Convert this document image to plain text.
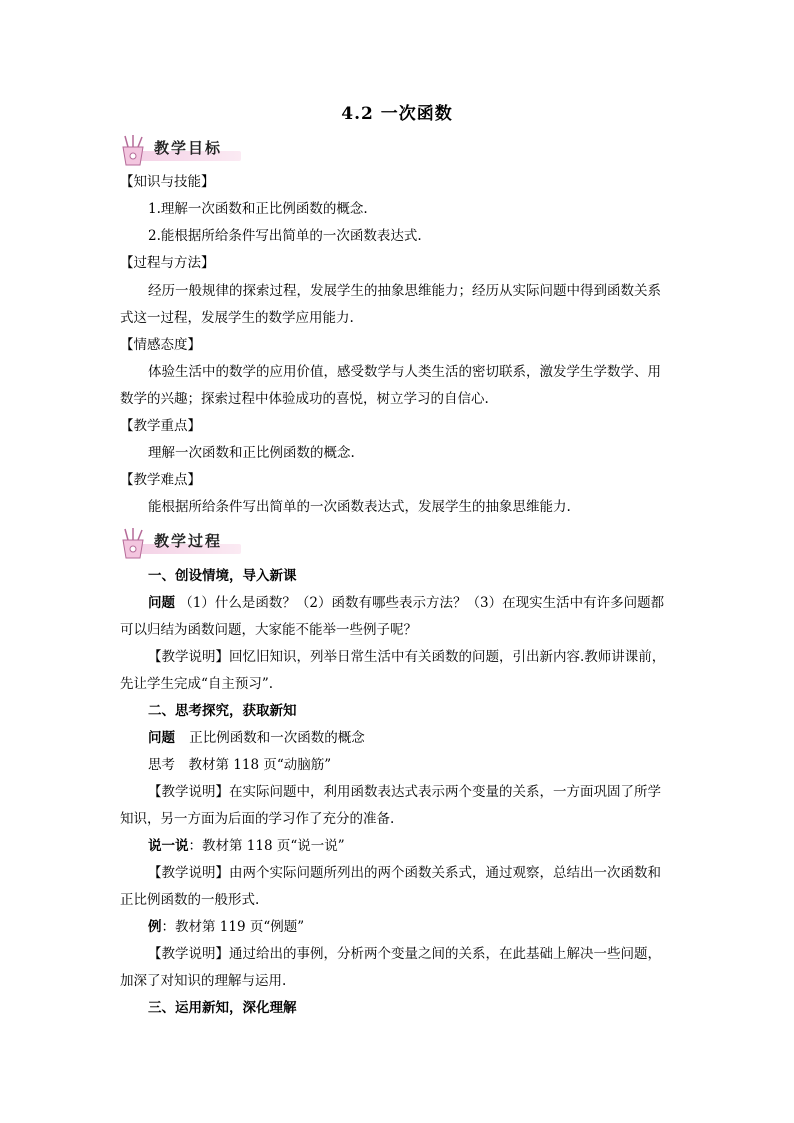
4.2 一次函数
教学目标
【知识与技能】
1.理解一次函数和正比例函数的概念.
2.能根据所给条件写出简单的一次函数表达式.
【过程与方法】
经历一般规律的探索过程，发展学生的抽象思维能力；经历从实际问题中得到函数关系
式这一过程，发展学生的数学应用能力.
【情感态度】
体验生活中的数学的应用价值，感受数学与人类生活的密切联系，激发学生学数学、用
数学的兴趣；探索过程中体验成功的喜悦，树立学习的自信心.
【教学重点】
理解一次函数和正比例函数的概念.
【教学难点】
能根据所给条件写出简单的一次函数表达式，发展学生的抽象思维能力.
教学过程
一、创设情境，导入新课
问题 （1）什么是函数？（2）函数有哪些表示方法？（3）在现实生活中有许多问题都
可以归结为函数问题，大家能不能举一些例子呢？
【教学说明】回忆旧知识，列举日常生活中有关函数的问题，引出新内容.教师讲课前，
先让学生完成“自主预习”.
二、思考探究，获取新知
问题 正比例函数和一次函数的概念
思考　教材第 118 页“动脑筋”
【教学说明】在实际问题中，利用函数表达式表示两个变量的关系，一方面巩固了所学
知识，另一方面为后面的学习作了充分的准备.
说一说：教材第 118 页“说一说”
【教学说明】由两个实际问题所列出的两个函数关系式，通过观察，总结出一次函数和
正比例函数的一般形式.
例：教材第 119 页“例题”
【教学说明】通过给出的事例，分析两个变量之间的关系，在此基础上解决一些问题，
加深了对知识的理解与运用.
三、运用新知，深化理解
